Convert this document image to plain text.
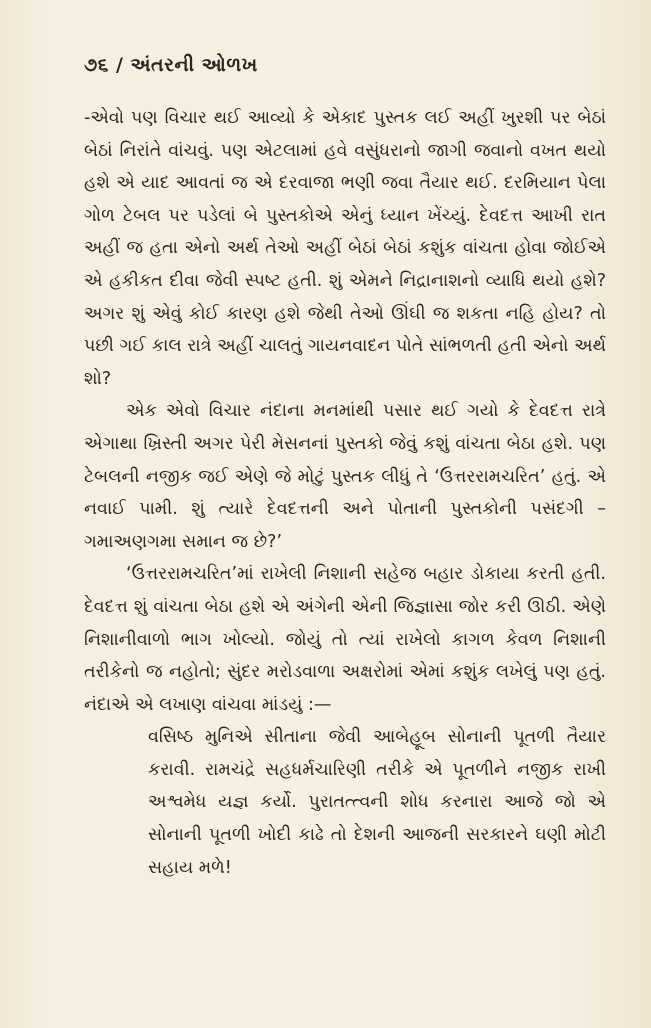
૭૬ / અંતરની ઓળખ

-એવો પણ વિચાર થઈ આવ્યો કે એકાદ પુસ્તક લઈ અહીં ખુરશી પર બેઠાં બેઠાં નિરાંતે વાંચવું. પણ એટલામાં હવે વસુંધરાનો જાગી જવાનો વખત થયો હશે એ યાદ આવતાં જ એ દરવાજા ભણી જવા તૈયાર થઈ. દરમિયાન પેલા ગોળ ટેબલ પર પડેલાં બે પુસ્તકોએ એનું ધ્યાન ખેંચ્યું. દેવદત્ત આખી રાત અહીં જ હતા એનો અર્થ તેઓ અહીં બેઠાં બેઠાં કશુંક વાંચતા હોવા જોઈએ એ હકીકત દીવા જેવી સ્પષ્ટ હતી. શું એમને નિદ્રાનાશનો વ્યાધિ થયો હશે? અગર શું એવું કોઈ કારણ હશે જેથી તેઓ ઊંઘી જ શકતા નહિ હોય? તો પછી ગઈ કાલ રાત્રે અહીં ચાલતું ગાયનવાદન પોતે સાંભળતી હતી એનો અર્થ શો?

એક એવો વિચાર નંદાના મનમાંથી પસાર થઈ ગયો કે દેવદત્ત રાત્રે એગાથા ખ્રિસ્તી અગર પેરી મેસનનાં પુસ્તકો જેવું કશું વાંચતા બેઠા હશે. પણ ટેબલની નજીક જઈ એણે જે મોટું પુસ્તક લીધું તે ‘ઉત્તરરામચરિત’ હતું. એ નવાઈ પામી. શું ત્યારે દેવદત્તની અને પોતાની પુસ્તકોની પસંદગી – ગમાઅણગમા સમાન જ છે?’

‘ઉત્તરરામચરિત’માં રાખેલી નિશાની સહેજ બહાર ડોકાયા કરતી હતી. દેવદત્ત શું વાંચતા બેઠા હશે એ અંગેની એની જિજ્ઞાસા જોર કરી ઊઠી. એણે નિશાનીવાળો ભાગ ખોલ્યો. જોયું તો ત્યાં રાખેલો કાગળ કેવળ નિશાની તરીકેનો જ નહોતો; સુંદર મરોડવાળા અક્ષરોમાં એમાં કશુંક લખેલું પણ હતું. નંદાએ એ લખાણ વાંચવા માંડયું :—

વસિષ્ઠ મુનિએ સીતાના જેવી આબેહૂબ સોનાની પૂતળી તૈયાર કરાવી. રામચંદ્રે સહધર્મચારિણી તરીકે એ પૂતળીને નજીક રાખી અશ્વમેધ યજ્ઞ કર્યો. પુરાતત્ત્વની શોધ કરનારા આજે જો એ સોનાની પૂતળી ખોદી કાઢે તો દેશની આજની સરકારને ઘણી મોટી સહાય મળે!
